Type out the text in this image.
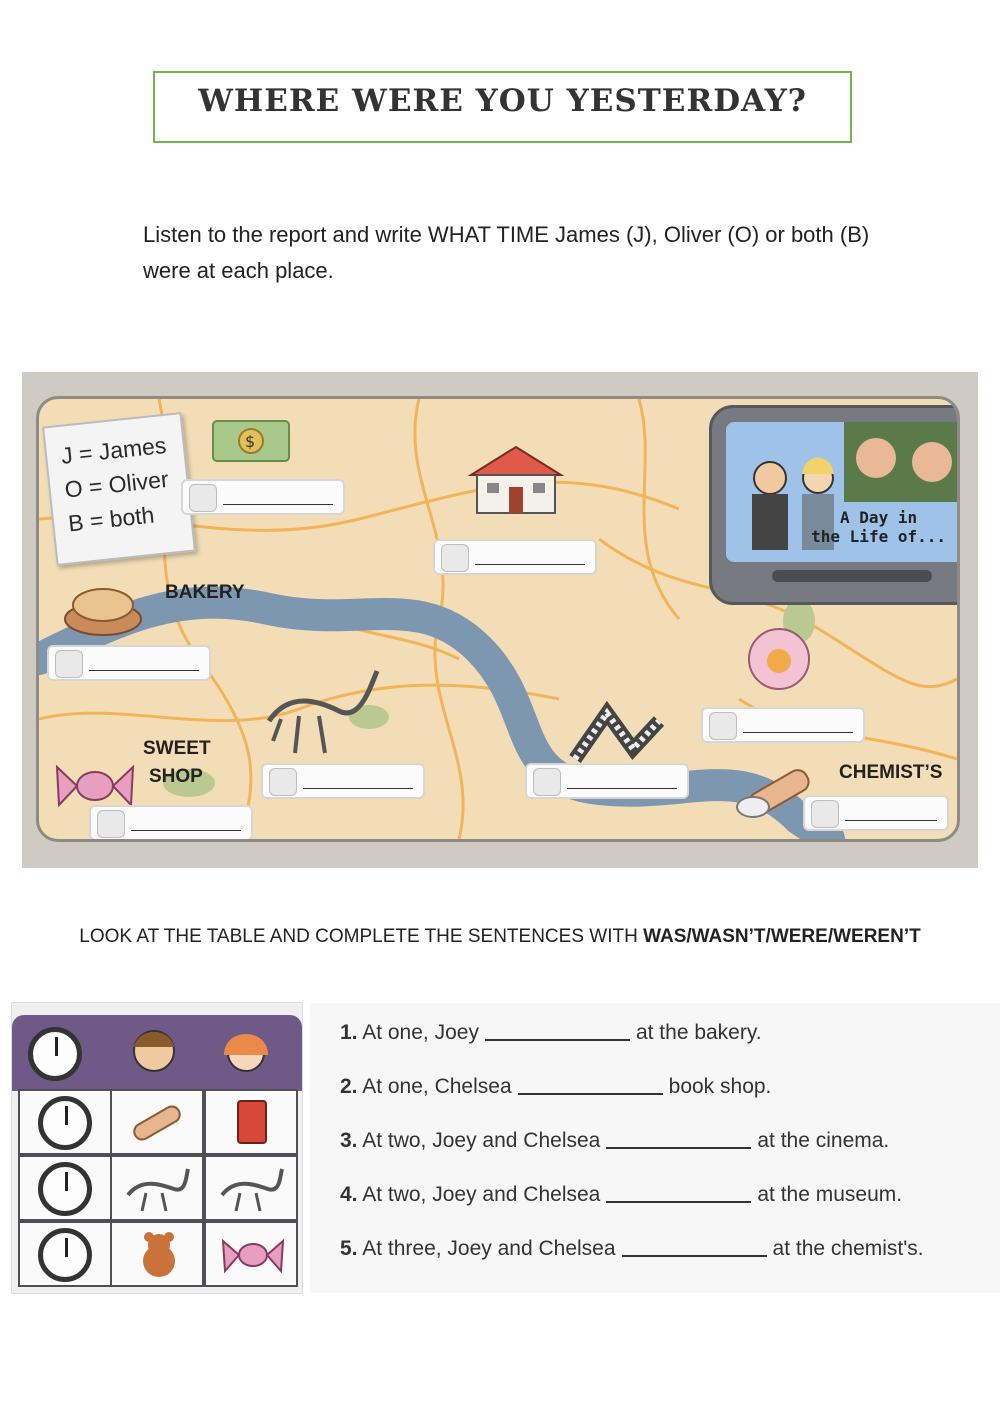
WHERE WERE YOU YESTERDAY?
Listen to the report and write WHAT TIME James (J), Oliver (O) or both (B) were at each place.
J = James
O = Oliver
B = both
$
A Day in
the Life of...
BAKERY
SWEET
SHOP	CHEMIST’S
LOOK AT THE TABLE AND COMPLETE THE SENTENCES WITH WAS/WASN’T/WERE/WEREN’T
1. At one, Joey	at the bakery.
2. At one, Chelsea	book shop.
3. At two, Joey and Chelsea	at the cinema.
4. At two, Joey and Chelsea	at the museum.
5. At three, Joey and Chelsea	at the chemist's.
